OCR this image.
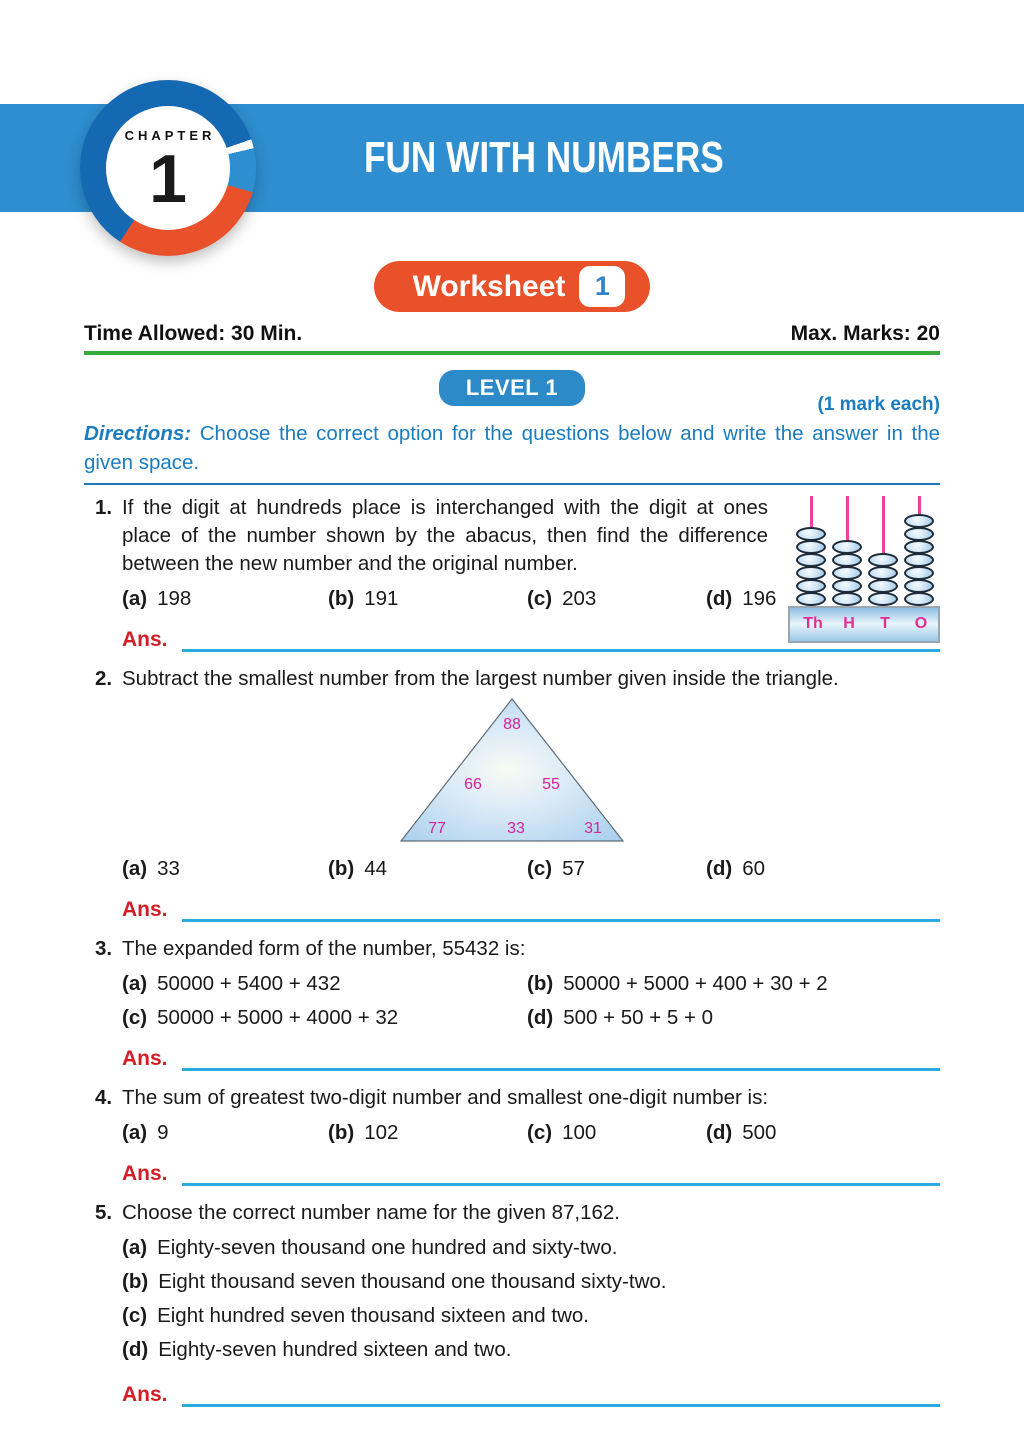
FUN WITH NUMBERS
CHAPTER
1
Worksheet 1
Time Allowed: 30 Min.	Max. Marks: 20
LEVEL 1
(1 mark each)

Directions: Choose the correct option for the questions below and write the answer in the given space.

Th	H	T	O
1. If the digit at hundreds place is interchanged with the digit at ones place of the number shown by the abacus, then find the difference between the new number and the original number.
(a) 198	(b) 191	(c) 203	(d) 196
Ans.
2. Subtract the smallest number from the largest number given inside the triangle.
88
66	55
77	33	31
(a) 33	(b) 44	(c) 57	(d) 60
Ans.
3. The expanded form of the number, 55432 is:
(a) 50000 + 5400 + 432	(b) 50000 + 5000 + 400 + 30 + 2
(c) 50000 + 5000 + 4000 + 32	(d) 500 + 50 + 5 + 0
Ans.
4. The sum of greatest two-digit number and smallest one-digit number is:
(a) 9	(b) 102	(c) 100	(d) 500
Ans.
5. Choose the correct number name for the given 87,162.
(a) Eighty-seven thousand one hundred and sixty-two.
(b) Eight thousand seven thousand one thousand sixty-two.
(c) Eight hundred seven thousand sixteen and two.
(d) Eighty-seven hundred sixteen and two.
Ans.
